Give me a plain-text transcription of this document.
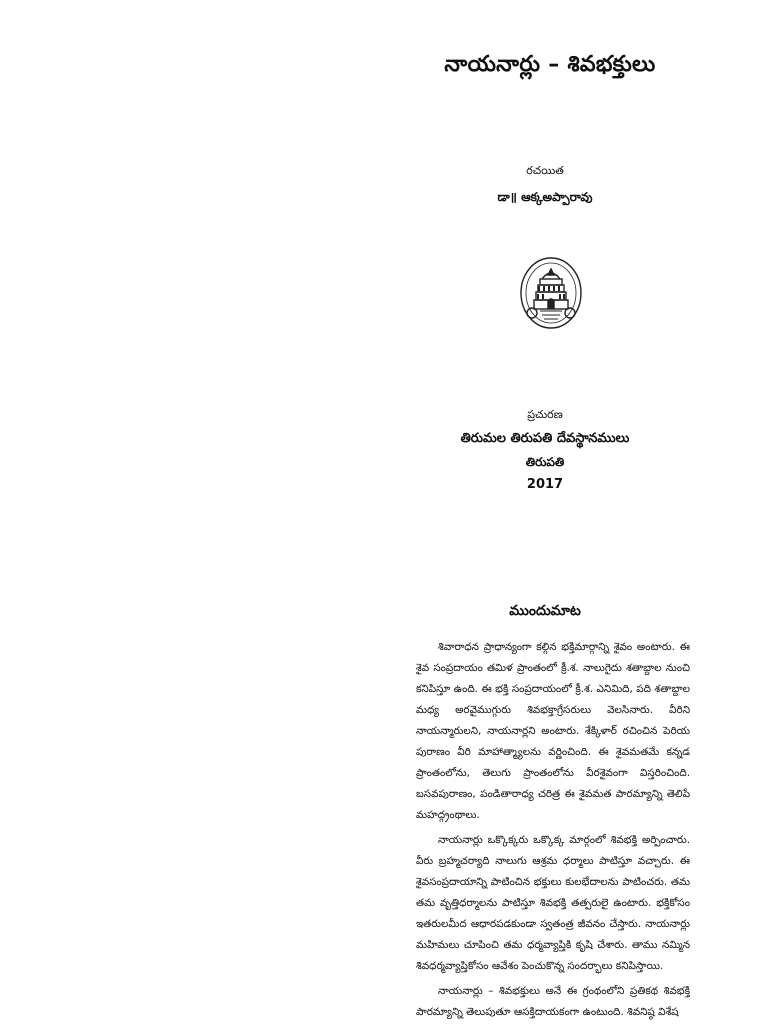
నాయనార్లు – శివభక్తులు
రచయిత
డా॥ ఆక్కఅప్పారావు
ప్రచురణ
తిరుమల తిరుపతి దేవస్థానములు
తిరుపతి
2017
ముందుమాట

శివారాధన ప్రాధాన్యంగా కల్గిన భక్తిమార్గాన్ని శైవం అంటారు. ఈ శైవ సంప్రదాయం తమిళ ప్రాంతంలో క్రీ.శ. నాలుగైదు శతాబ్దాల నుంచి కనిపిస్తూ ఉంది. ఈ భక్తి సంప్రదాయంలో క్రీ.శ. ఎనిమిది, పది శతాబ్దాల మధ్య అరవైముగ్గురు శివభక్తాగ్రేసరులు వెలసినారు. వీరిని నాయన్మారులని, నాయనార్లని అంటారు. శేక్కిళార్ రచించిన పెరియ పురాణం వీరి మాహాత్మ్యాలను వర్ణించింది. ఈ శైవమతమే కన్నడ ప్రాంతంలోను, తెలుగు ప్రాంతంలోను వీరశైవంగా విస్తరించింది. బసవపురాణం, పండితారాధ్య చరిత్ర ఈ శైవమత పారమ్యాన్ని తెలిపే మహద్గ్రంథాలు.

నాయనార్లు ఒక్కొక్కరు ఒక్కొక్క మార్గంలో శివభక్తి అర్పించారు. వీరు బ్రహ్మచర్యాది నాలుగు ఆశ్రమ ధర్మాలు పాటిస్తూ వచ్చారు. ఈ శైవసంప్రదాయాన్ని పాటించిన భక్తులు కులభేదాలను పాటించరు. తమ తమ వృత్తిధర్మాలను పాటిస్తూ శివభక్తి తత్పరులై ఉంటారు. భక్తికోసం ఇతరులమీద ఆధారపడకుండా స్వతంత్ర జీవనం చేస్తారు. నాయనార్లు మహిమలు చూపించి తమ ధర్మవ్యాప్తికి కృషి చేశారు. తాము నమ్మిన శివధర్మవ్యాప్తికోసం ఆవేశం పెంచుకొన్న సందర్భాలు కనిపిస్తాయి.

నాయనార్లు – శివభక్తులు అనే ఈ గ్రంథంలోని ప్రతికథ శివభక్తి పారమ్యాన్ని తెలుపుతూ ఆసక్తిదాయకంగా ఉంటుంది. శివనిష్ఠ విశేష
